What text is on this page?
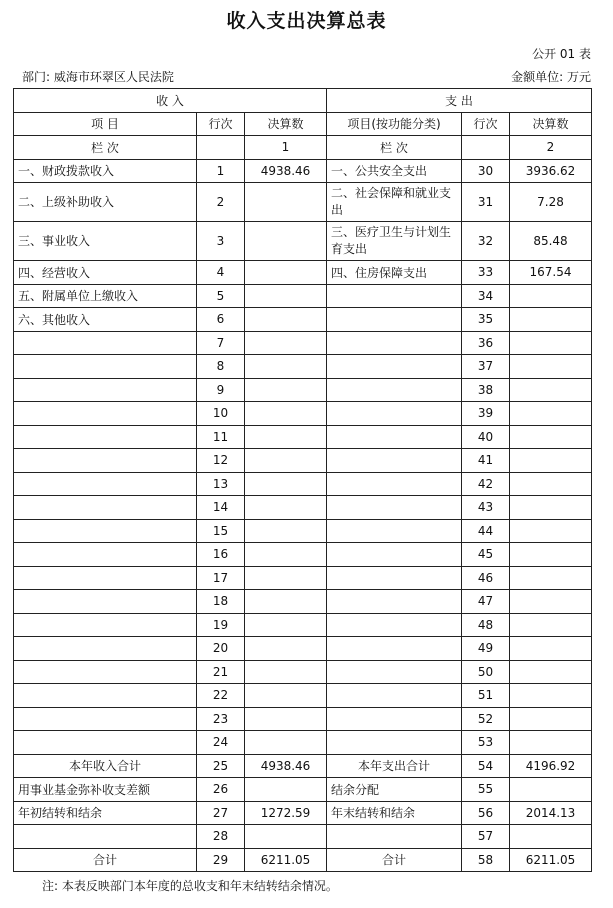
收入支出决算总表
公开 01 表
部门: 威海市环翠区人民法院	金额单位: 万元
收 入			支 出		
项 目	行次	决算数	项目(按功能分类)	行次	决算数
栏 次		1	栏 次		2
一、财政拨款收入	1	4938.46	一、公共安全支出	30	3936.62
二、上级补助收入	2		二、社会保障和就业支出	31	7.28
三、事业收入	3		三、医疗卫生与计划生育支出	32	85.48
四、经营收入	4		四、住房保障支出	33	167.54
五、附属单位上缴收入	5			34	
六、其他收入	6			35	
	7			36	
	8			37	
	9			38	
	10			39	
	11			40	
	12			41	
	13			42	
	14			43	
	15			44	
	16			45	
	17			46	
	18			47	
	19			48	
	20			49	
	21			50	
	22			51	
	23			52	
	24			53	
本年收入合计	25	4938.46	本年支出合计	54	4196.92
用事业基金弥补收支差额	26		结余分配	55	
年初结转和结余	27	1272.59	年末结转和结余	56	2014.13
	28			57	
合计	29	6211.05	合计	58	6211.05
注: 本表反映部门本年度的总收支和年末结转结余情况。
